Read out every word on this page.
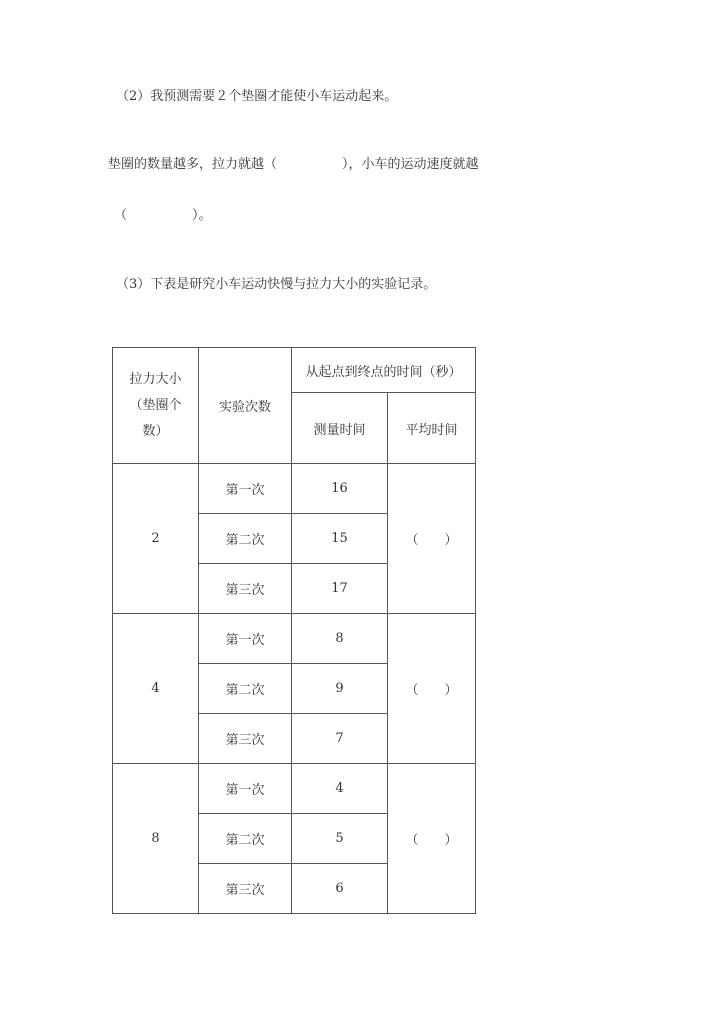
（2）我预测需要２个垫圈才能使小车运动起来。
垫圈的数量越多，拉力就越（　　　　　），小车的运动速度就越
（　　　　　）。
（3）下表是研究小车运动快慢与拉力大小的实验记录。
拉力大小
（垫圈个
数）	实验次数	从起点到终点的时间（秒）	
		测量时间	平均时间
2	第一次	16	（ ）
	第二次	15	
	第三次	17	
4	第一次	8	（ ）
	第二次	9	
	第三次	7	
8	第一次	4	（ ）
	第二次	5	
	第三次	6	
